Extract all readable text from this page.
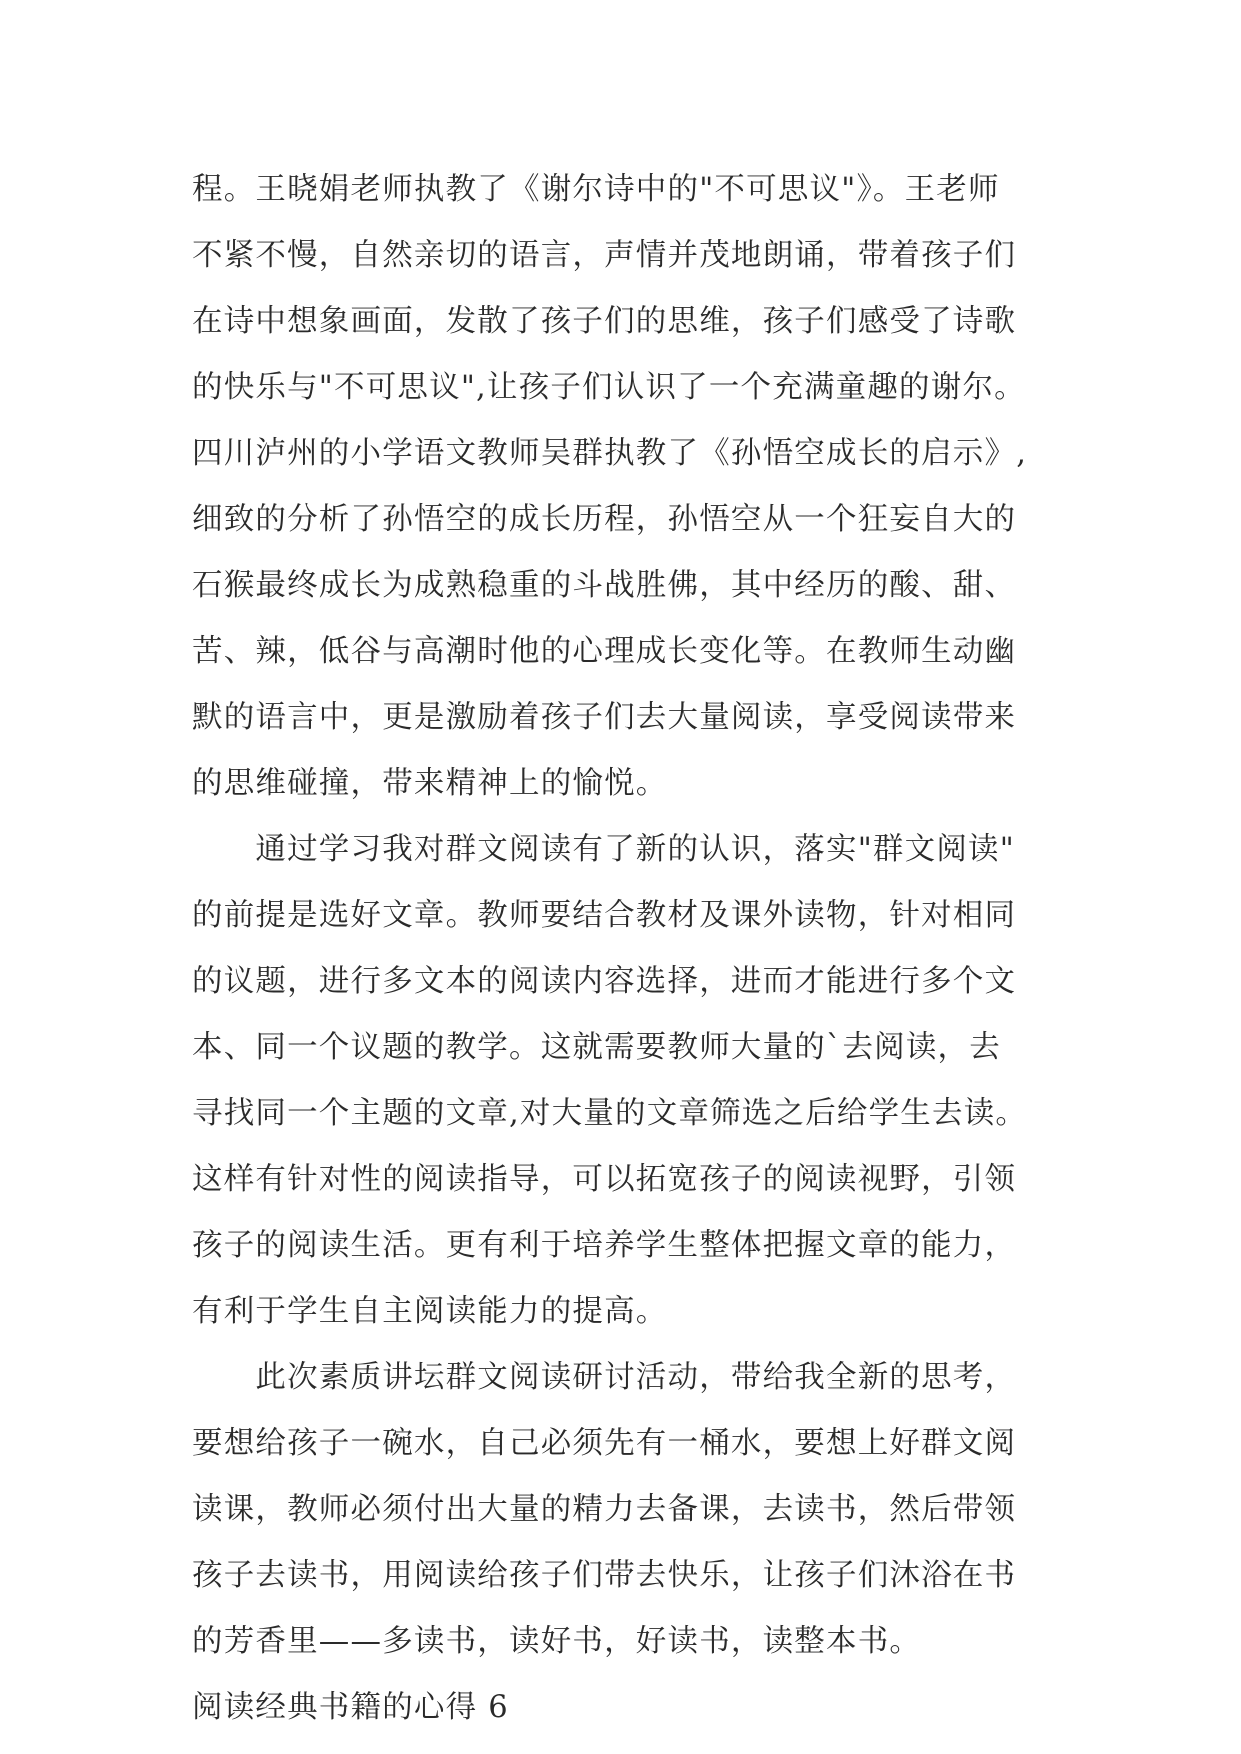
程。王晓娟老师执教了《谢尔诗中的"不可思议"》。王老师
不紧不慢，自然亲切的语言，声情并茂地朗诵，带着孩子们
在诗中想象画面，发散了孩子们的思维，孩子们感受了诗歌
的快乐与"不可思议",让孩子们认识了一个充满童趣的谢尔。
四川泸州的小学语文教师吴群执教了《孙悟空成长的启示》,
细致的分析了孙悟空的成长历程，孙悟空从一个狂妄自大的
石猴最终成长为成熟稳重的斗战胜佛，其中经历的酸、甜、
苦、辣，低谷与高潮时他的心理成长变化等。在教师生动幽
默的语言中，更是激励着孩子们去大量阅读，享受阅读带来
的思维碰撞，带来精神上的愉悦。
　　通过学习我对群文阅读有了新的认识，落实"群文阅读"
的前提是选好文章。教师要结合教材及课外读物，针对相同
的议题，进行多文本的阅读内容选择，进而才能进行多个文
本、同一个议题的教学。这就需要教师大量的`去阅读，去
寻找同一个主题的文章,对大量的文章筛选之后给学生去读。
这样有针对性的阅读指导，可以拓宽孩子的阅读视野，引领
孩子的阅读生活。更有利于培养学生整体把握文章的能力，
有利于学生自主阅读能力的提高。
　　此次素质讲坛群文阅读研讨活动，带给我全新的思考，
要想给孩子一碗水，自己必须先有一桶水，要想上好群文阅
读课，教师必须付出大量的精力去备课，去读书，然后带领
孩子去读书，用阅读给孩子们带去快乐，让孩子们沐浴在书
的芳香里——多读书，读好书，好读书，读整本书。
阅读经典书籍的心得 6
